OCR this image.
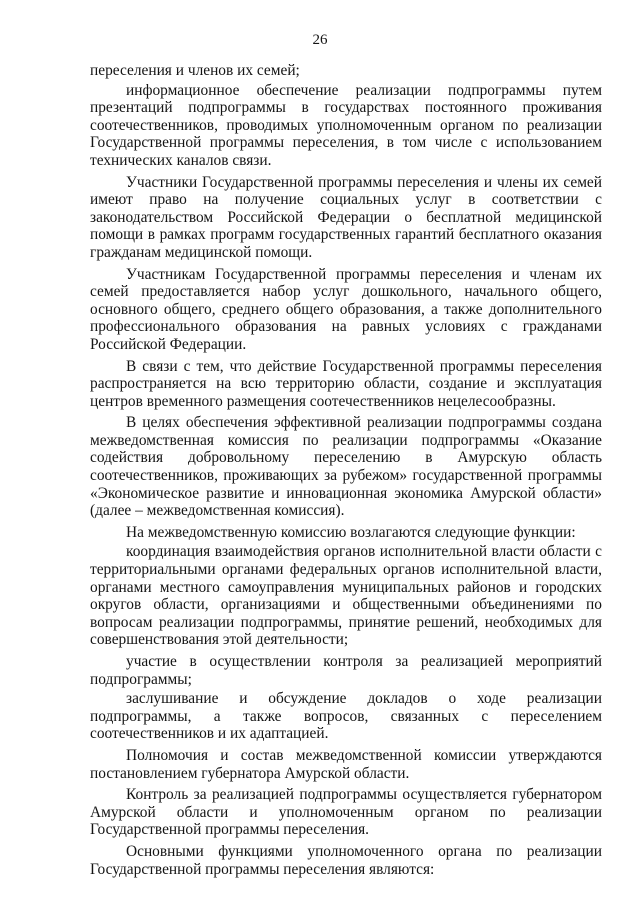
26

переселения и членов их семей;

информационное обеспечение реализации подпрограммы путем презентаций подпрограммы в государствах постоянного проживания соотечественников, проводимых уполномоченным органом по реализации Государственной программы переселения, в том числе с использованием технических каналов связи.

Участники Государственной программы переселения и члены их семей имеют право на получение социальных услуг в соответствии с законодательством Российской Федерации о бесплатной медицинской помощи в рамках программ государственных гарантий бесплатного оказания гражданам медицинской помощи.

Участникам Государственной программы переселения и членам их семей предоставляется набор услуг дошкольного, начального общего, основного общего, среднего общего образования, а также дополнительного профессионального образования на равных условиях с гражданами Российской Федерации.

В связи с тем, что действие Государственной программы переселения распространяется на всю территорию области, создание и эксплуатация центров временного размещения соотечественников нецелесообразны.

В целях обеспечения эффективной реализации подпрограммы создана межведомственная комиссия по реализации подпрограммы «Оказание содействия добровольному переселению в Амурскую область соотечественников, проживающих за рубежом» государственной программы «Экономическое развитие и инновационная экономика Амурской области» (далее – межведомственная комиссия).

На межведомственную комиссию возлагаются следующие функции:

координация взаимодействия органов исполнительной власти области с территориальными органами федеральных органов исполнительной власти, органами местного самоуправления муниципальных районов и городских округов области, организациями и общественными объединениями по вопросам реализации подпрограммы, принятие решений, необходимых для совершенствования этой деятельности;

участие в осуществлении контроля за реализацией мероприятий подпрограммы;

заслушивание и обсуждение докладов о ходе реализации подпрограммы, а также вопросов, связанных с переселением соотечественников и их адаптацией.

Полномочия и состав межведомственной комиссии утверждаются постановлением губернатора Амурской области.

Контроль за реализацией подпрограммы осуществляется губернатором Амурской области и уполномоченным органом по реализации Государственной программы переселения.

Основными функциями уполномоченного органа по реализации Государственной программы переселения являются:
